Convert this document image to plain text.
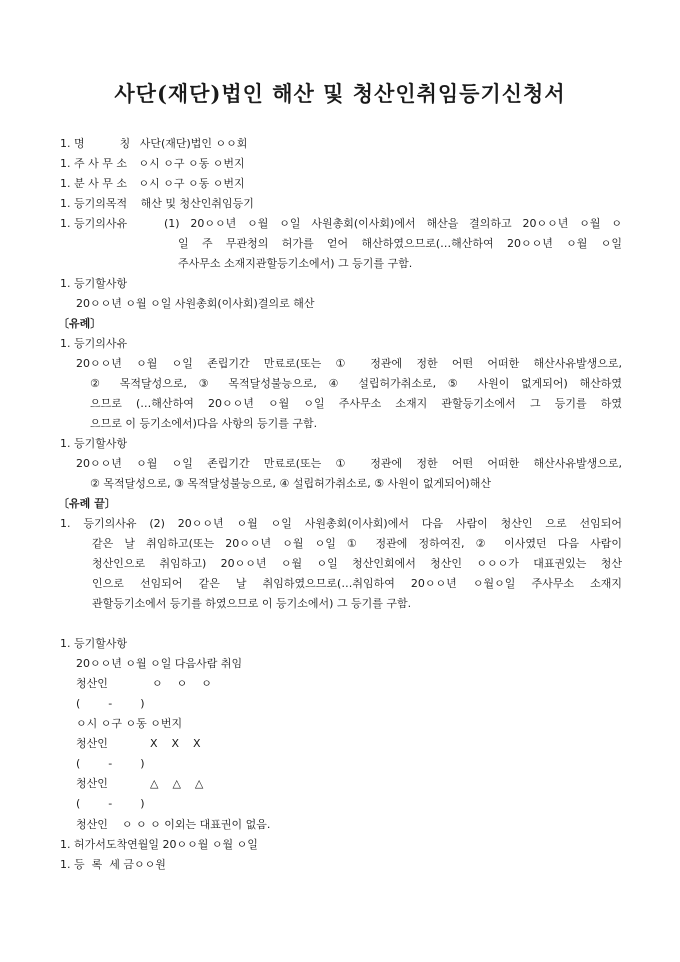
사단(재단)법인 해산 및 청산인취임등기신청서
1. 명          칭 사단(재단)법인 ㅇㅇ회
1. 주 사 무 소 ㅇ시 ㅇ구 ㅇ동 ㅇ번지
1. 분 사 무 소 ㅇ시 ㅇ구 ㅇ동 ㅇ번지
1. 등기의목적 해산 및 청산인취임등기
1. 등기의사유	(1) 20ㅇㅇ년 ㅇ월 ㅇ일 사원총회(이사회)에서 해산을 결의하고 20ㅇㅇ년 ㅇ월 ㅇ
일 주 무관청의 허가를 얻어 해산하였으므로(…해산하여 20ㅇㅇ년 ㅇ월 ㅇ일
주사무소 소재지관할등기소에서) 그 등기를 구함.
1. 등기할사항
20ㅇㅇ년 ㅇ월 ㅇ일 사원총회(이사회)결의로 해산
〔유례〕
1. 등기의사유
20ㅇㅇ년 ㅇ월 ㅇ일 존립기간 만료로(또는 ① 정관에 정한 어떤 어떠한 해산사유발생으로,
② 목적달성으로, ③ 목적달성불능으로, ④ 설립허가취소로, ⑤ 사원이 없게되어) 해산하였
으므로 (…해산하여 20ㅇㅇ년 ㅇ월 ㅇ일 주사무소 소재지 관할등기소에서 그 등기를 하였
으므로 이 등기소에서)다음 사항의 등기를 구함.
1. 등기할사항
20ㅇㅇ년 ㅇ월 ㅇ일 존립기간 만료로(또는 ① 정관에 정한 어떤 어떠한 해산사유발생으로,
② 목적달성으로, ③ 목적달성불능으로, ④ 설립허가취소로, ⑤ 사원이 없게되어)해산
〔유례 끝〕
1. 등기의사유 (2) 20ㅇㅇ년 ㅇ월 ㅇ일 사원총회(이사회)에서 다음 사람이 청산인 으로 선임되어
같은 날 취임하고(또는 20ㅇㅇ년 ㅇ월 ㅇ일 ① 정관에 정하여진, ② 이사였던 다음 사람이
청산인으로 취임하고) 20ㅇㅇ년 ㅇ월 ㅇ일 청산인회에서 청산인 ㅇㅇㅇ가 대표권있는 청산
인으로 선임되어 같은 날 취임하였으므로(…취임하여 20ㅇㅇ년 ㅇ월ㅇ일 주사무소 소재지
관할등기소에서 등기를 하였으므로 이 등기소에서) 그 등기를 구함.
1. 등기할사항
20ㅇㅇ년 ㅇ월 ㅇ일 다음사람 취임
청산인	ㅇ    ㅇ    ㅇ
(        -        )
ㅇ시 ㅇ구 ㅇ동 ㅇ번지
청산인	X    X    X
(        -        )
청산인	△    △    △
(        -        )
청산인    ㅇ ㅇ ㅇ 이외는 대표권이 없음.
1. 허가서도착연월일 20ㅇㅇ월 ㅇ월 ㅇ일
1. 등  록  세 금ㅇㅇ원
